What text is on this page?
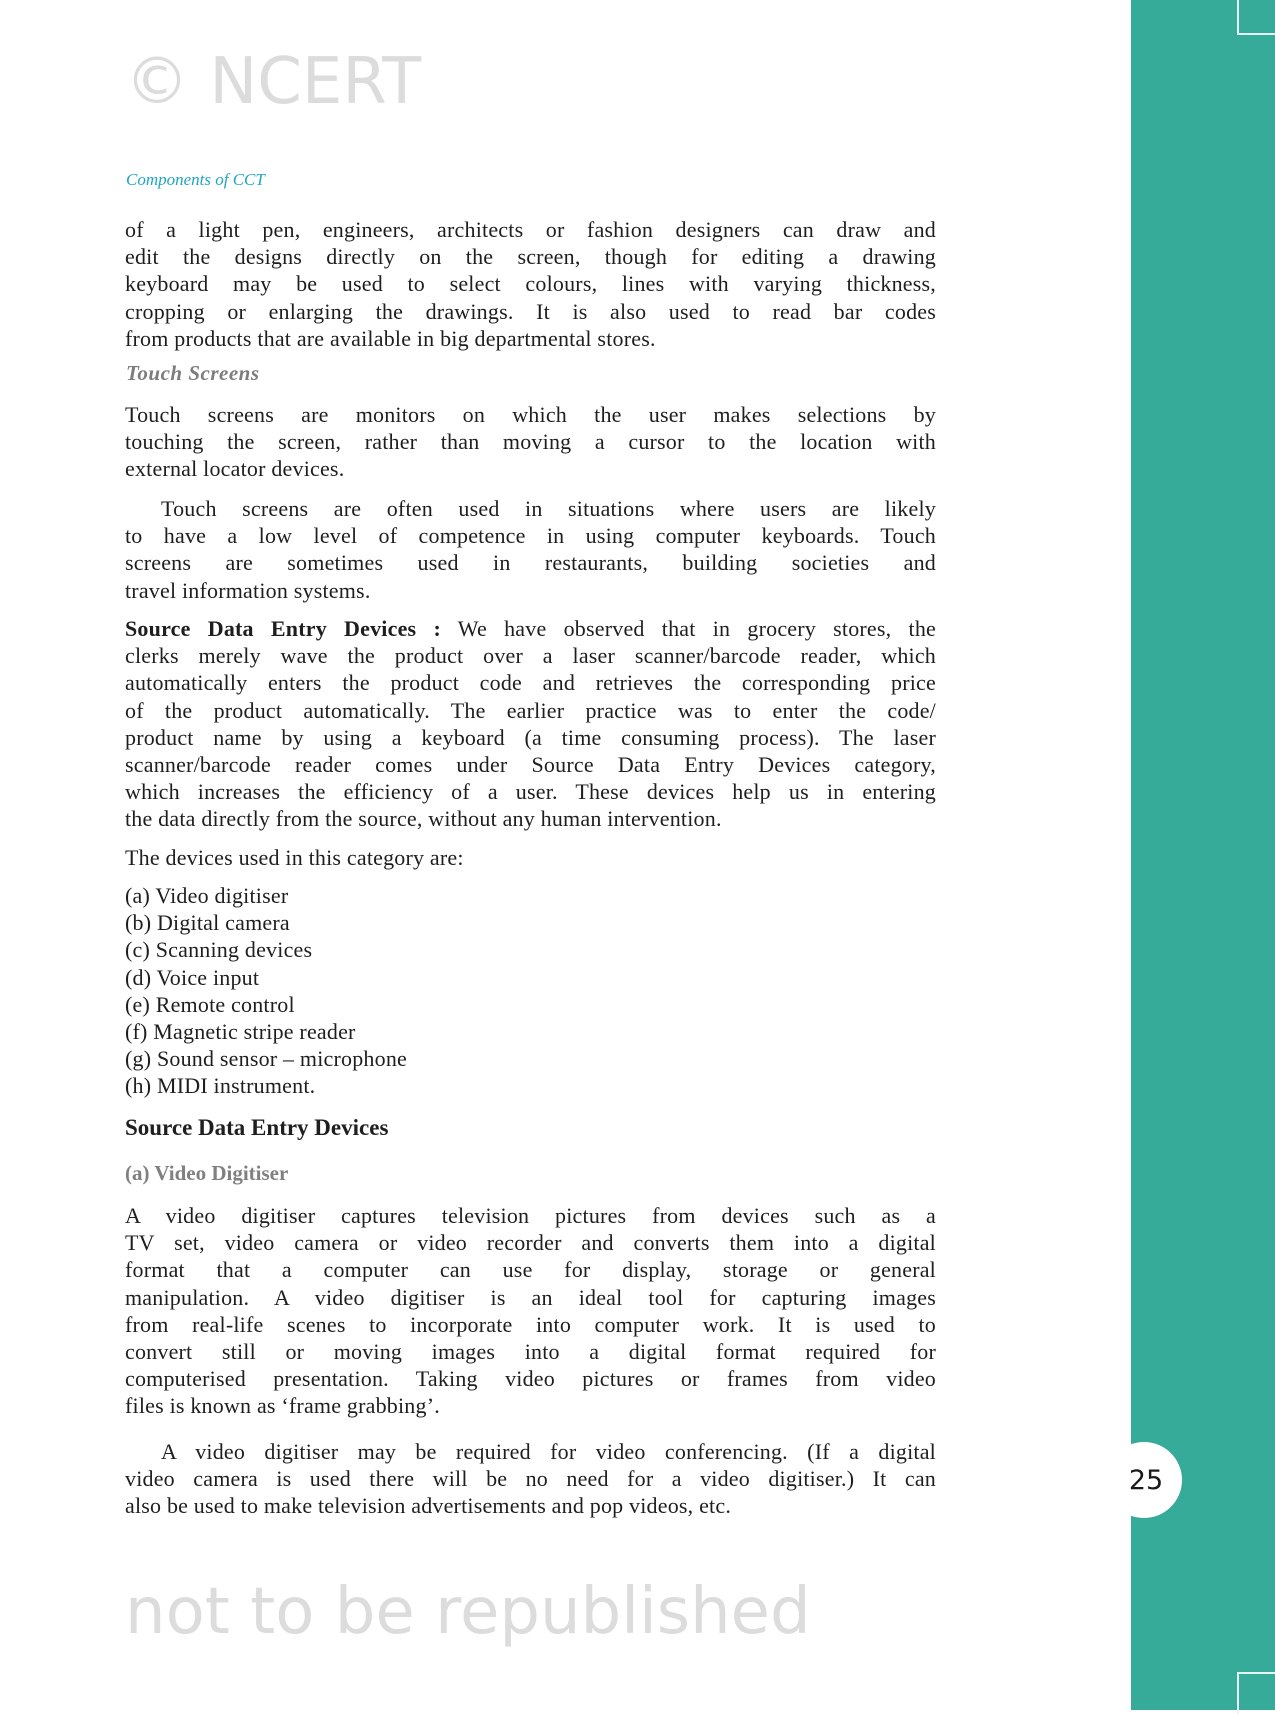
25
© NCERT
not to be republished
Components of CCT
of a light pen, engineers, architects or fashion designers can draw and
edit the designs directly on the screen, though for editing a drawing
keyboard may be used to select colours, lines with varying thickness,
cropping or enlarging the drawings. It is also used to read bar codes
from products that are available in big departmental stores.
Touch Screens
Touch screens are monitors on which the user makes selections by
touching the screen, rather than moving a cursor to the location with
external locator devices.
Touch screens are often used in situations where users are likely
to have a low level of competence in using computer keyboards. Touch
screens are sometimes used in restaurants, building societies and
travel information systems.
Source Data Entry Devices : We have observed that in grocery stores, the
clerks merely wave the product over a laser scanner/barcode reader, which
automatically enters the product code and retrieves the corresponding price
of the product automatically. The earlier practice was to enter the code/
product name by using a keyboard (a time consuming process). The laser
scanner/barcode reader comes under Source Data Entry Devices category,
which increases the efficiency of a user. These devices help us in entering
the data directly from the source, without any human intervention.
The devices used in this category are:
(a) Video digitiser
(b) Digital camera
(c) Scanning devices
(d) Voice input
(e) Remote control
(f) Magnetic stripe reader
(g) Sound sensor – microphone
(h) MIDI instrument.
Source Data Entry Devices
(a) Video Digitiser
A video digitiser captures television pictures from devices such as a
TV set, video camera or video recorder and converts them into a digital
format that a computer can use for display, storage or general
manipulation. A video digitiser is an ideal tool for capturing images
from real-life scenes to incorporate into computer work. It is used to
convert still or moving images into a digital format required for
computerised presentation. Taking video pictures or frames from video
files is known as ‘frame grabbing’.
A video digitiser may be required for video conferencing. (If a digital
video camera is used there will be no need for a video digitiser.) It can
also be used to make television advertisements and pop videos, etc.
